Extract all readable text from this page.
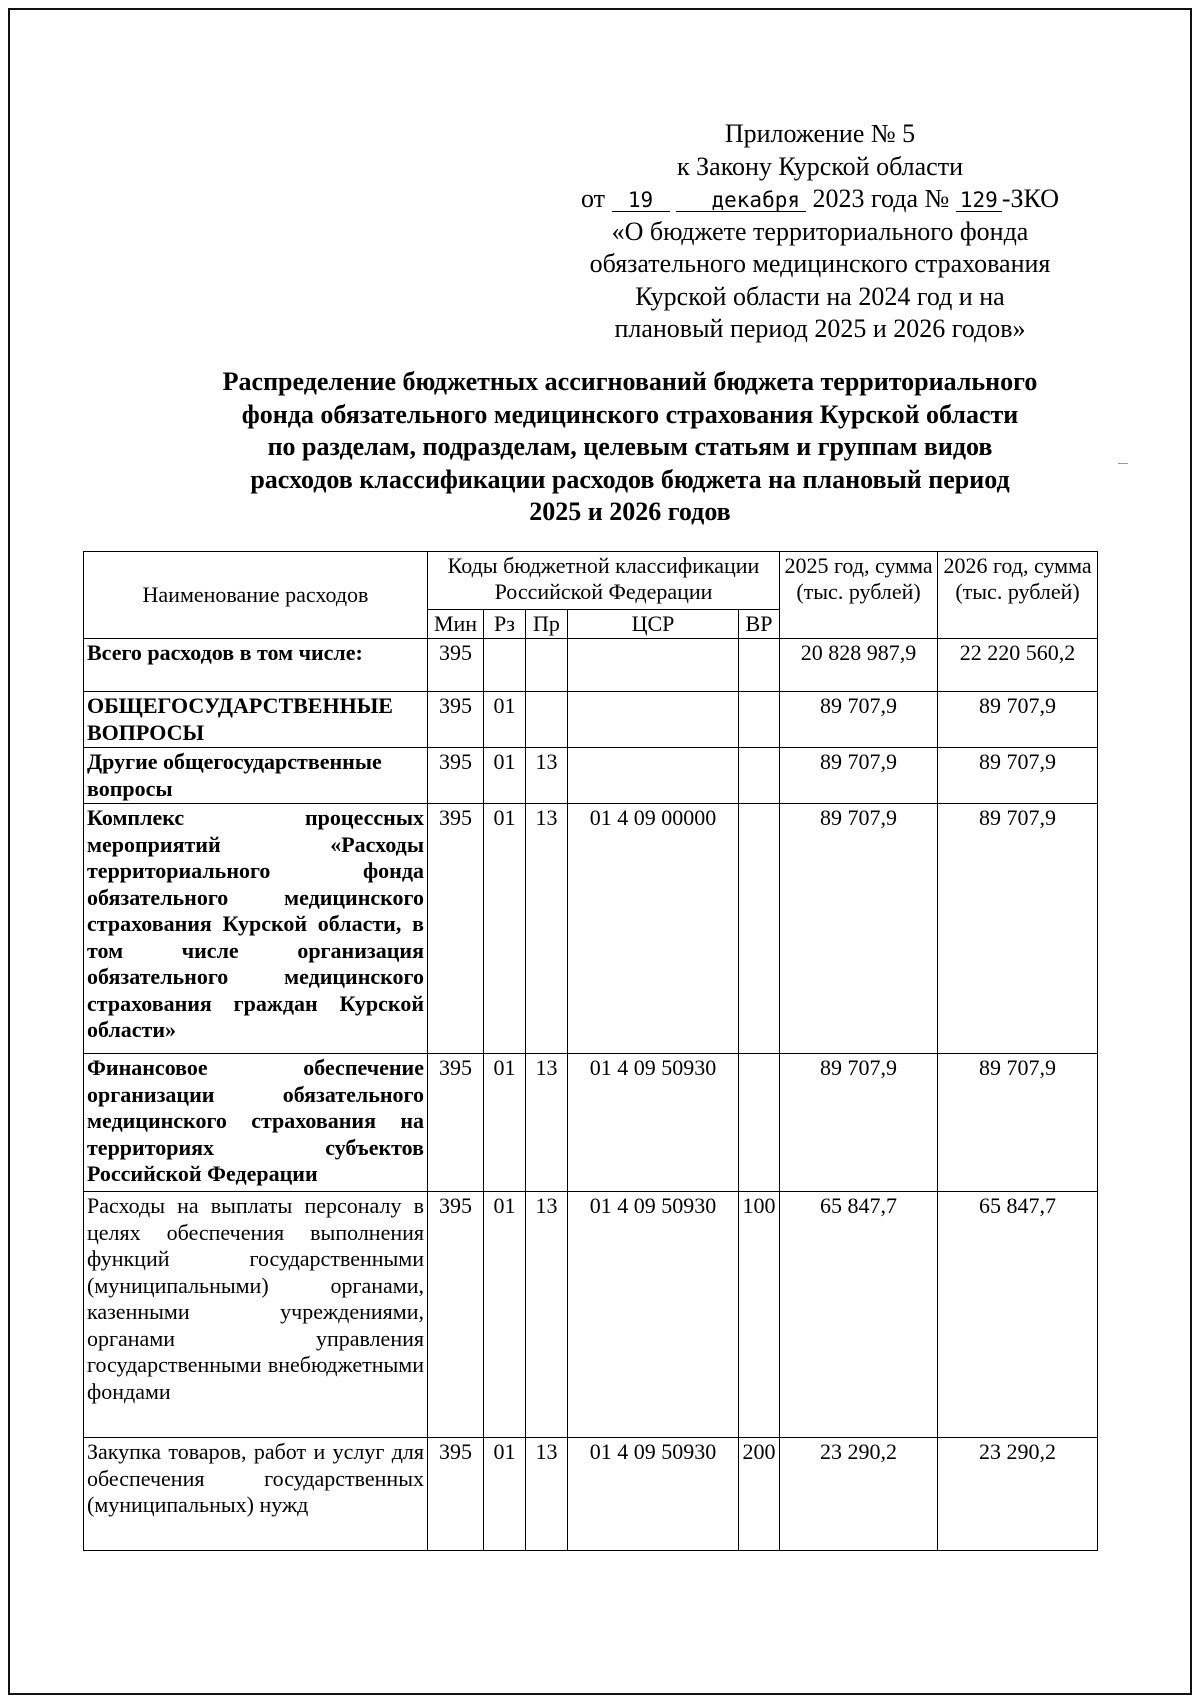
Приложение № 5
к Закону Курской области
от 19	декабря 2023 года № 129 -ЗКО
«О бюджете территориального фонда
обязательного медицинского страхования
Курской области на 2024 год и на
плановый период 2025 и 2026 годов»
Распределение бюджетных ассигнований бюджета территориального
фонда обязательного медицинского страхования Курской области
по разделам, подразделам, целевым статьям и группам видов
расходов классификации расходов бюджета на плановый период
2025 и 2026 годов
Наименование расходов	Коды бюджетной классификации Российской Федерации					2025 год, сумма (тыс. рублей)	2026 год, сумма (тыс. рублей)
	Мин	Рз	Пр	ЦСР	ВР		
Всего расходов в том числе:	395					20 828 987,9	22 220 560,2
ОБЩЕГОСУДАРСТВЕННЫЕ ВОПРОСЫ	395	01				89 707,9	89 707,9
Другие общегосударственные вопросы	395	01	13			89 707,9	89 707,9
Комплекс процессных мероприятий «Расходы территориального фонда обязательного медицинского страхования Курской области, в том числе организация обязательного медицинского страхования граждан Курской области»	395	01	13	01 4 09 00000		89 707,9	89 707,9
Финансовое обеспечение организации обязательного медицинского страхования на территориях субъектов Российской Федерации	395	01	13	01 4 09 50930		89 707,9	89 707,9
Расходы на выплаты персоналу в целях обеспечения выполнения функций государственными (муниципальными) органами, казенными учреждениями, органами управления государственными внебюджетными фондами	395	01	13	01 4 09 50930	100	65 847,7	65 847,7
Закупка товаров, работ и услуг для обеспечения государственных (муниципальных) нужд	395	01	13	01 4 09 50930	200	23 290,2	23 290,2
